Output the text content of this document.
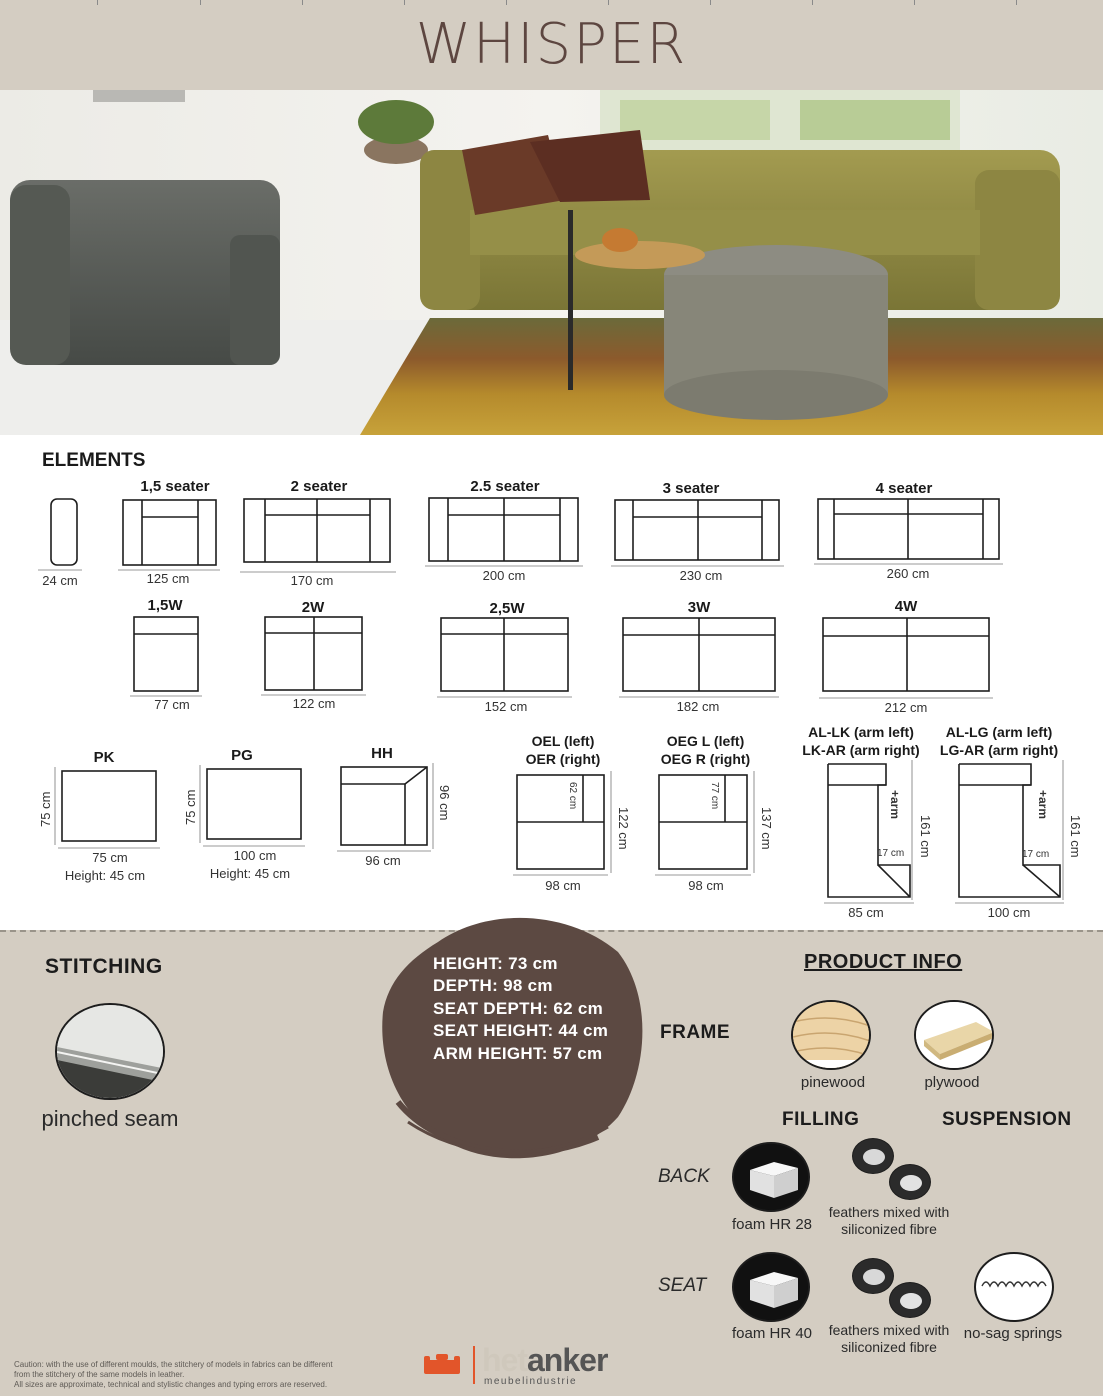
WHISPER
ELEMENTS
24 cm
1,5 seater
125 cm
2 seater
170 cm
2.5 seater
200 cm
3 seater
230 cm
4 seater
260 cm
1,5W
77 cm
2W
122 cm
2,5W
152 cm
3W
182 cm
4W
212 cm
PK
75 cm
Height: 45 cm
75 cm
PG
100 cm
Height: 45 cm
75 cm
HH
96 cm
96 cm
OEL (left)
OER (right)
62 cm
122 cm
98 cm
OEG L (left)
OEG R (right)
77 cm
137 cm
98 cm
AL-LK (arm left)
LK-AR (arm right)
+arm
17 cm 161 cm
85 cm
AL-LG (arm left)
LG-AR (arm right)
+arm
17 cm 161 cm
100 cm
STITCHING
pinched seam
HEIGHT: 73 cm
DEPTH: 98 cm
SEAT DEPTH: 62 cm
SEAT HEIGHT: 44 cm
ARM HEIGHT: 57 cm
PRODUCT INFO
FRAME
pinewood	plywood
FILLING	SUSPENSION
BACK
foam HR 28
feathers mixed with
siliconized fibre
SEAT
foam HR 40	feathers mixed with
siliconized fibre
no-sag springs
Caution: with the use of different moulds, the stitchery of models in fabrics can be different
from the stitchery of the same models in leather.
All sizes are approximate, technical and stylistic changes and typing errors are reserved.
hetanker
meubelindustrie
